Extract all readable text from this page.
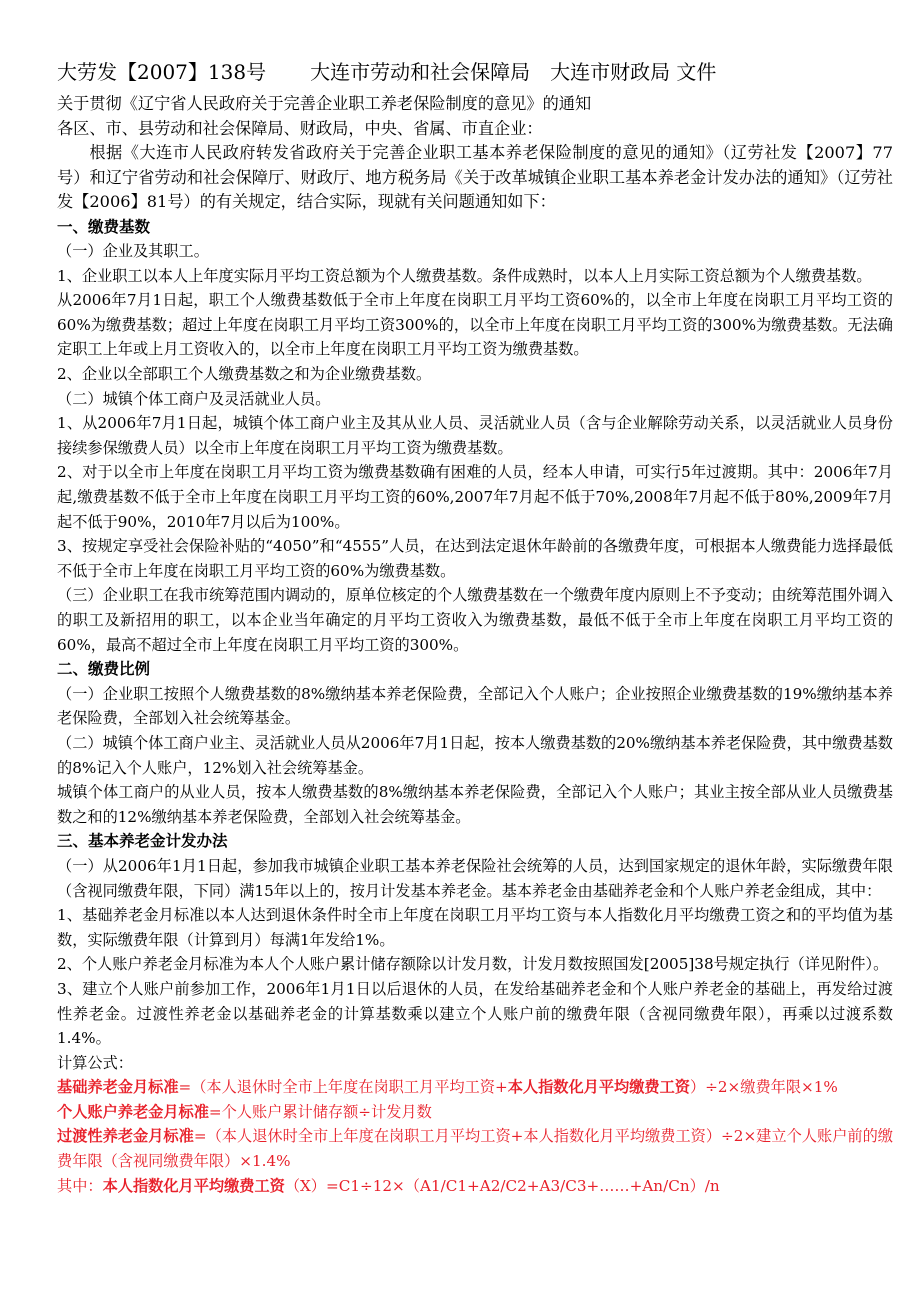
大劳发【2007】138号 大连市劳动和社会保障局　大连市财政局 文件

关于贯彻《辽宁省人民政府关于完善企业职工养老保险制度的意见》的通知

各区、市、县劳动和社会保障局、财政局，中央、省属、市直企业：

根据《大连市人民政府转发省政府关于完善企业职工基本养老保险制度的意见的通知》（辽劳社发【2007】77号）和辽宁省劳动和社会保障厅、财政厅、地方税务局《关于改革城镇企业职工基本养老金计发办法的通知》（辽劳社发【2006】81号）的有关规定，结合实际，现就有关问题通知如下：

一、缴费基数

（一）企业及其职工。

1、企业职工以本人上年度实际月平均工资总额为个人缴费基数。条件成熟时，以本人上月实际工资总额为个人缴费基数。

从2006年7月1日起，职工个人缴费基数低于全市上年度在岗职工月平均工资60%的，以全市上年度在岗职工月平均工资的60%为缴费基数；超过上年度在岗职工月平均工资300%的，以全市上年度在岗职工月平均工资的300%为缴费基数。无法确定职工上年或上月工资收入的，以全市上年度在岗职工月平均工资为缴费基数。

2、企业以全部职工个人缴费基数之和为企业缴费基数。

（二）城镇个体工商户及灵活就业人员。

1、从2006年7月1日起，城镇个体工商户业主及其从业人员、灵活就业人员（含与企业解除劳动关系，以灵活就业人员身份接续参保缴费人员）以全市上年度在岗职工月平均工资为缴费基数。

2、对于以全市上年度在岗职工月平均工资为缴费基数确有困难的人员，经本人申请，可实行5年过渡期。其中：2006年7月起,缴费基数不低于全市上年度在岗职工月平均工资的60%,2007年7月起不低于70%,2008年7月起不低于80%,2009年7月起不低于90%，2010年7月以后为100%。

3、按规定享受社会保险补贴的“4050”和“4555”人员，在达到法定退休年龄前的各缴费年度，可根据本人缴费能力选择最低不低于全市上年度在岗职工月平均工资的60%为缴费基数。

（三）企业职工在我市统筹范围内调动的，原单位核定的个人缴费基数在一个缴费年度内原则上不予变动；由统筹范围外调入的职工及新招用的职工，以本企业当年确定的月平均工资收入为缴费基数，最低不低于全市上年度在岗职工月平均工资的60%，最高不超过全市上年度在岗职工月平均工资的300%。

二、缴费比例

（一）企业职工按照个人缴费基数的8%缴纳基本养老保险费，全部记入个人账户；企业按照企业缴费基数的19%缴纳基本养老保险费，全部划入社会统筹基金。

（二）城镇个体工商户业主、灵活就业人员从2006年7月1日起，按本人缴费基数的20%缴纳基本养老保险费，其中缴费基数的8%记入个人账户，12%划入社会统筹基金。

城镇个体工商户的从业人员，按本人缴费基数的8%缴纳基本养老保险费，全部记入个人账户；其业主按全部从业人员缴费基数之和的12%缴纳基本养老保险费，全部划入社会统筹基金。

三、基本养老金计发办法

（一）从2006年1月1日起，参加我市城镇企业职工基本养老保险社会统筹的人员，达到国家规定的退休年龄，实际缴费年限（含视同缴费年限，下同）满15年以上的，按月计发基本养老金。基本养老金由基础养老金和个人账户养老金组成，其中：

1、基础养老金月标准以本人达到退休条件时全市上年度在岗职工月平均工资与本人指数化月平均缴费工资之和的平均值为基数，实际缴费年限（计算到月）每满1年发给1%。

2、个人账户养老金月标准为本人个人账户累计储存额除以计发月数，计发月数按照国发[2005]38号规定执行（详见附件）。

3、建立个人账户前参加工作，2006年1月1日以后退休的人员，在发给基础养老金和个人账户养老金的基础上，再发给过渡性养老金。过渡性养老金以基础养老金的计算基数乘以建立个人账户前的缴费年限（含视同缴费年限），再乘以过渡系数1.4%。

计算公式：

基础养老金月标准=（本人退休时全市上年度在岗职工月平均工资+本人指数化月平均缴费工资）÷2×缴费年限×1%

个人账户养老金月标准=个人账户累计储存额÷计发月数

过渡性养老金月标准=（本人退休时全市上年度在岗职工月平均工资+本人指数化月平均缴费工资）÷2×建立个人账户前的缴费年限（含视同缴费年限）×1.4%

其中：本人指数化月平均缴费工资（X）=C1÷12×（A1/C1+A2/C2+A3/C3+……+An/Cn）/n
